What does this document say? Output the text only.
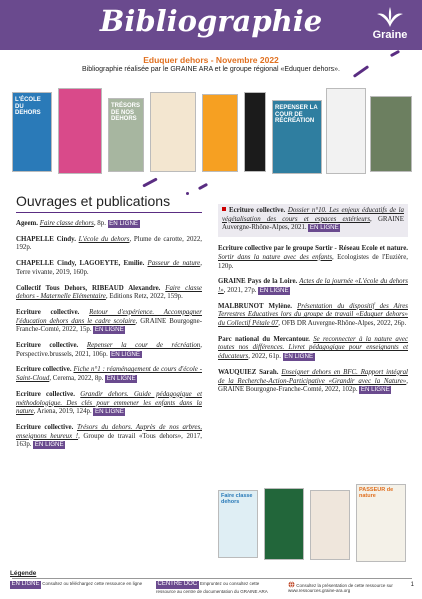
Bibliographie	Graine
Eduquer dehors - Novembre 2022
Bibliographie réalisée par le GRAINE ARA et le groupe régional «Eduquer dehors».
L'ÉCOLE DU DEHORS
TRÉSORS DE NOS DEHORS
REPENSER LA COUR DE RÉCRÉATION
Ouvrages et publications
Ageem. Faire classe dehors, 8p. EN LIGNE
CHAPELLE Cindy. L'école du dehors, Plume de carotte, 2022, 192p.
CHAPELLE Cindy, LAGOEYTE, Emilie. Passeur de nature, Terre vivante, 2019, 160p.
Collectif Tous Dehors, RIBEAUD Alexandre. Faire classe dehors - Maternelle Elémentaire, Editions Retz, 2022, 159p.
Ecriture collective. Retour d'expérience. Accompagner l'éducation dehors dans le cadre scolaire, GRAINE Bourgogne-Franche-Comté, 2022, 15p. EN LIGNE
Ecriture collective. Repenser la cour de récréation, Perspective.brussels, 2021, 106p. EN LIGNE
Ecriture collective. Fiche n°1 : réaménagement de cours d'école - Saint-Cloud, Cerema, 2022, 8p. EN LIGNE
Ecriture collective. Grandir dehors. Guide pédagogique et méthodologique. Des clés pour emmener les enfants dans la nature, Ariena, 2019, 124p. EN LIGNE
Ecriture collective. Trésors du dehors. Auprès de nos arbres, enseignons heureux !, Groupe de travail «Tous dehors», 2017, 163p. EN LIGNE
Ecriture collective. Dossier n°10. Les enjeux éducatifs de la végétalisation des cours et espaces extérieurs, GRAINE Auvergne-Rhône-Alpes, 2021. EN LIGNE
Ecriture collective par le groupe Sortir - Réseau Ecole et nature. Sortir dans la nature avec des enfants, Ecologistes de l'Euzière, 120p.
GRAINE Pays de la Loire. Actes de la journée «L'école du dehors !», 2021, 27p. EN LIGNE
MALBRUNOT Mylène. Présentation du dispositif des Aires Terrestres Educatives lors du groupe de travail «Eduquer dehors» du Collectif Pétale 07, OFB DR Auvergne-Rhône-Alpes, 2022, 26p.
Parc national du Mercantour. Se reconnecter à la nature avec toutes nos différences. Livret pédagogique pour enseignants et éducateurs, 2022, 61p. EN LIGNE
WAUQUIEZ Sarah. Enseigner dehors en BFC. Rapport intégral de la Recherche-Action-Participative «Grandir avec la Nature», GRAINE Bourgogne-Franche-Comté, 2022, 102p. EN LIGNE
Faire classe dehors
PASSEUR de nature
Légende
EN LIGNE Consultez ou téléchargez cette ressource en ligne	CENTRE DOC Empruntez ou consultez cette ressource au centre de documentation du GRAINE ARA
Consultez la présentation de cette ressource sur www.ressources.graine-ara.org
1
